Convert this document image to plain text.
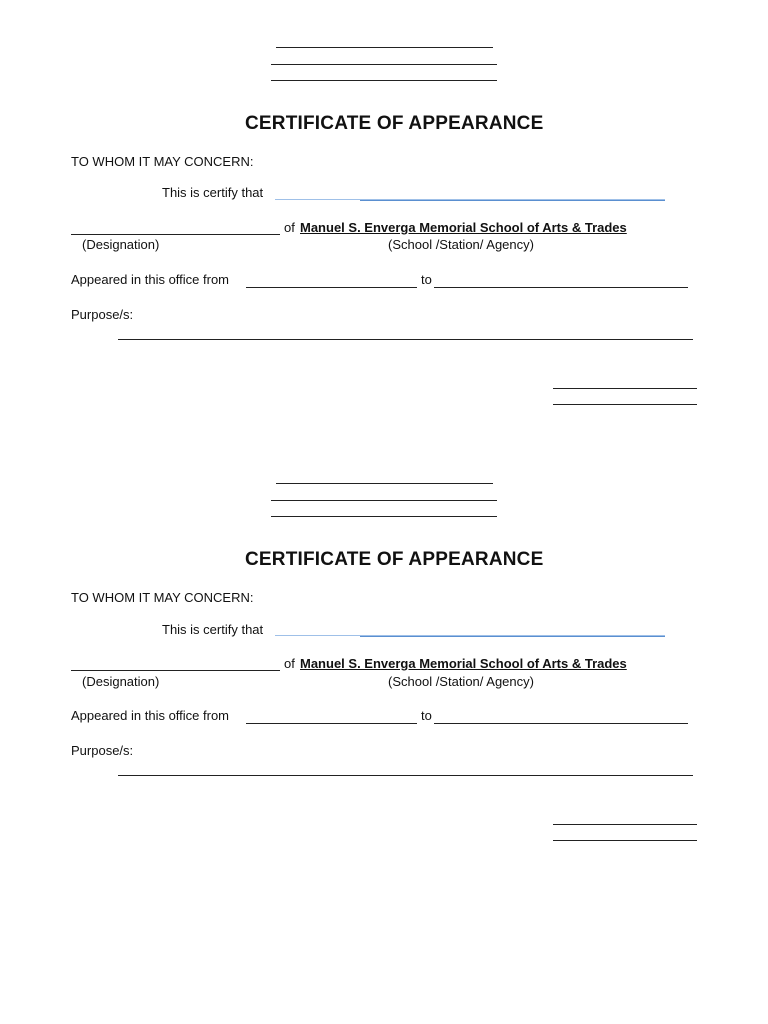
CERTIFICATE OF APPEARANCE
TO WHOM IT MAY CONCERN:
This is certify that
of Manuel S. Enverga Memorial School of Arts & Trades
(Designation)	(School /Station/ Agency)
Appeared in this office from	to
Purpose/s:
CERTIFICATE OF APPEARANCE
TO WHOM IT MAY CONCERN:
This is certify that
of Manuel S. Enverga Memorial School of Arts & Trades
(Designation)	(School /Station/ Agency)
Appeared in this office from	to
Purpose/s:
